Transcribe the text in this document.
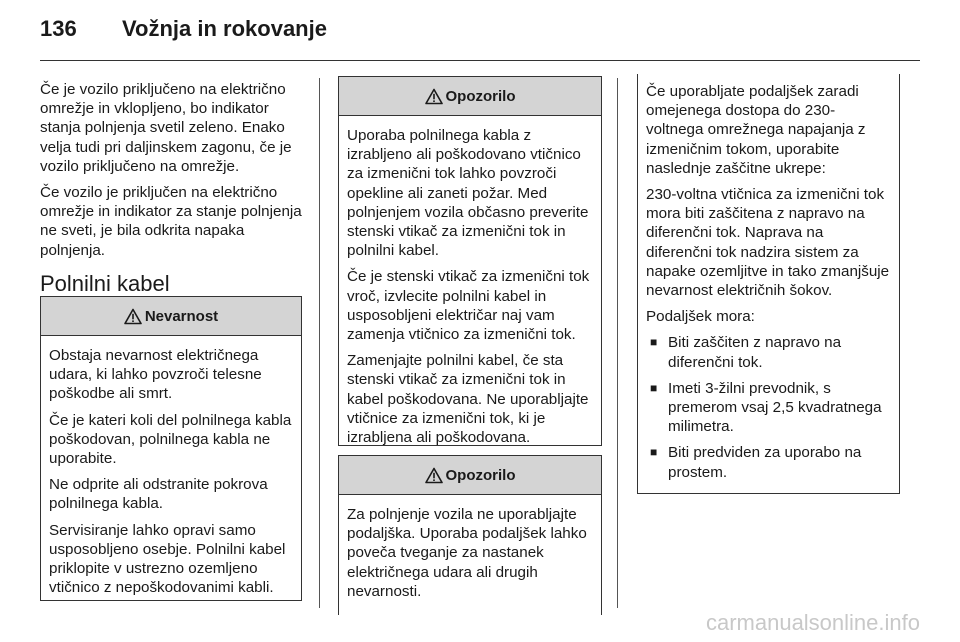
136	Vožnja in rokovanje

Če je vozilo priključeno na električno omrežje in vklopljeno, bo indikator stanja polnjenja svetil zeleno. Enako velja tudi pri daljinskem zagonu, če je vozilo priključeno na omrežje.

Če vozilo je priključen na električno omrežje in indikator za stanje polnjenja ne sveti, je bila odkrita napaka polnjenja.

Polnilni kabel
Nevarnost

Obstaja nevarnost električnega udara, ki lahko povzroči telesne poškodbe ali smrt.

Če je kateri koli del polnilnega kabla poškodovan, polnilnega kabla ne uporabite.

Ne odprite ali odstranite pokrova polnilnega kabla.

Servisiranje lahko opravi samo usposobljeno osebje. Polnilni kabel priklopite v ustrezno ozemljeno vtičnico z nepoškodovanimi kabli.

Opozorilo

Uporaba polnilnega kabla z izrabljeno ali poškodovano vtičnico za izmenični tok lahko povzroči opekline ali zaneti požar. Med polnjenjem vozila občasno preverite stenski vtikač za izmenični tok in polnilni kabel.

Če je stenski vtikač za izmenični tok vroč, izvlecite polnilni kabel in usposobljeni električar naj vam zamenja vtičnico za izmenični tok.

Zamenjajte polnilni kabel, če sta stenski vtikač za izmenični tok in kabel poškodovana. Ne uporabljajte vtičnice za izmenični tok, ki je izrabljena ali poškodovana.

Opozorilo

Za polnjenje vozila ne uporabljajte podaljška. Uporaba podaljšek lahko poveča tveganje za nastanek električnega udara ali drugih nevarnosti.

Če uporabljate podaljšek zaradi omejenega dostopa do 230-voltnega omrežnega napajanja z izmeničnim tokom, uporabite naslednje zaščitne ukrepe:

230-voltna vtičnica za izmenični tok mora biti zaščitena z napravo na diferenčni tok. Naprava na diferenčni tok nadzira sistem za napake ozemljitve in tako zmanjšuje nevarnost električnih šokov.

Podaljšek mora:

■ Biti zaščiten z napravo na diferenčni tok.
■ Imeti 3-žilni prevodnik, s premerom vsaj 2,5 kvadratnega milimetra.
■ Biti predviden za uporabo na prostem.
carmanualsonline.info
